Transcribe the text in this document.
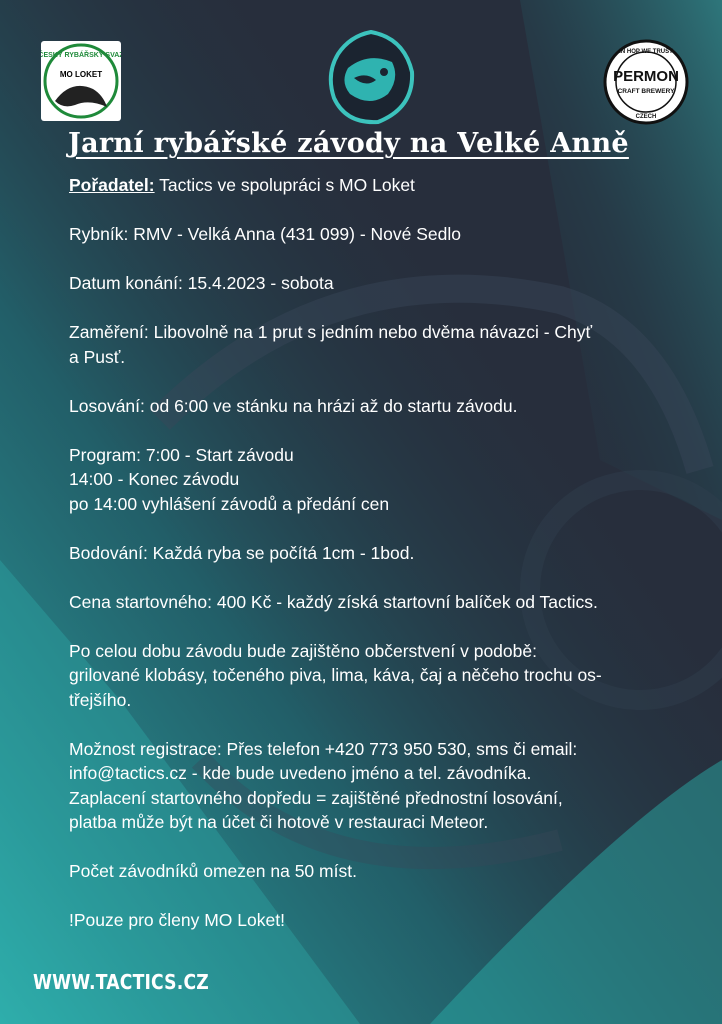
ČESKÝ RYBÁŘSKÝ SVAZ
MO LOKET
IN HOP WE TRUST
PERMON
CRAFT BREWERY
CZECH
Jarní rybářské závody na Velké Anně
Pořadatel: Tactics ve spolupráci s MO Loket
Rybník: RMV - Velká Anna (431 099) - Nové Sedlo
Datum konání: 15.4.2023 - sobota
Zaměření: Libovolně na 1 prut s jedním nebo dvěma návazci - Chyť
a Pusť.
Losování: od 6:00 ve stánku na hrázi až do startu závodu.
Program: 7:00 - Start závodu
14:00 - Konec závodu
po 14:00 vyhlášení závodů a předání cen
Bodování: Každá ryba se počítá 1cm - 1bod.
Cena startovného: 400 Kč - každý získá startovní balíček od Tactics.
Po celou dobu závodu bude zajištěno občerstvení v podobě:
grilované klobásy, točeného piva, lima, káva, čaj a něčeho trochu os-
třejšího.
Možnost registrace: Přes telefon +420 773 950 530, sms či email:
info@tactics.cz - kde bude uvedeno jméno a tel. závodníka.
Zaplacení startovného dopředu = zajištěné přednostní losování,
platba může být na účet či hotově v restauraci Meteor.
Počet závodníků omezen na 50 míst.
!Pouze pro členy MO Loket!
WWW.TACTICS.CZ
